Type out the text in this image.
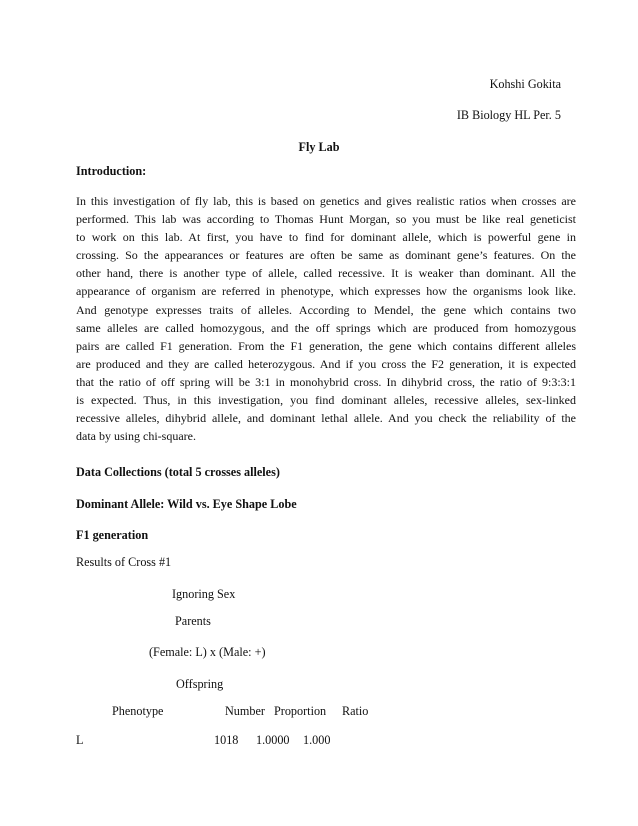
Kohshi Gokita
IB Biology HL Per. 5
Fly Lab
Introduction:
In this investigation of fly lab, this is based on genetics and gives realistic ratios when crosses are
performed. This lab was according to Thomas Hunt Morgan, so you must be like real geneticist
to work on this lab. At first, you have to find for dominant allele, which is powerful gene in
crossing. So the appearances or features are often be same as dominant gene’s features. On the
other hand, there is another type of allele, called recessive. It is weaker than dominant. All the
appearance of organism are referred in phenotype, which expresses how the organisms look like.
And genotype expresses traits of alleles. According to Mendel, the gene which contains two
same alleles are called homozygous, and the off springs which are produced from homozygous
pairs are called F1 generation. From the F1 generation, the gene which contains different alleles
are produced and they are called heterozygous. And if you cross the F2 generation, it is expected
that the ratio of off spring will be 3:1 in monohybrid cross. In dihybrid cross, the ratio of 9:3:3:1
is expected. Thus, in this investigation, you find dominant alleles, recessive alleles, sex-linked
recessive alleles, dihybrid allele, and dominant lethal allele. And you check the reliability of the
data by using chi-square.
Data Collections (total 5 crosses alleles)
Dominant Allele: Wild vs. Eye Shape Lobe
F1 generation
Results of Cross #1
Ignoring Sex
Parents
(Female: L) x (Male: +)
Offspring
Phenotype	Number Proportion Ratio
L	1018 1.0000 1.000
